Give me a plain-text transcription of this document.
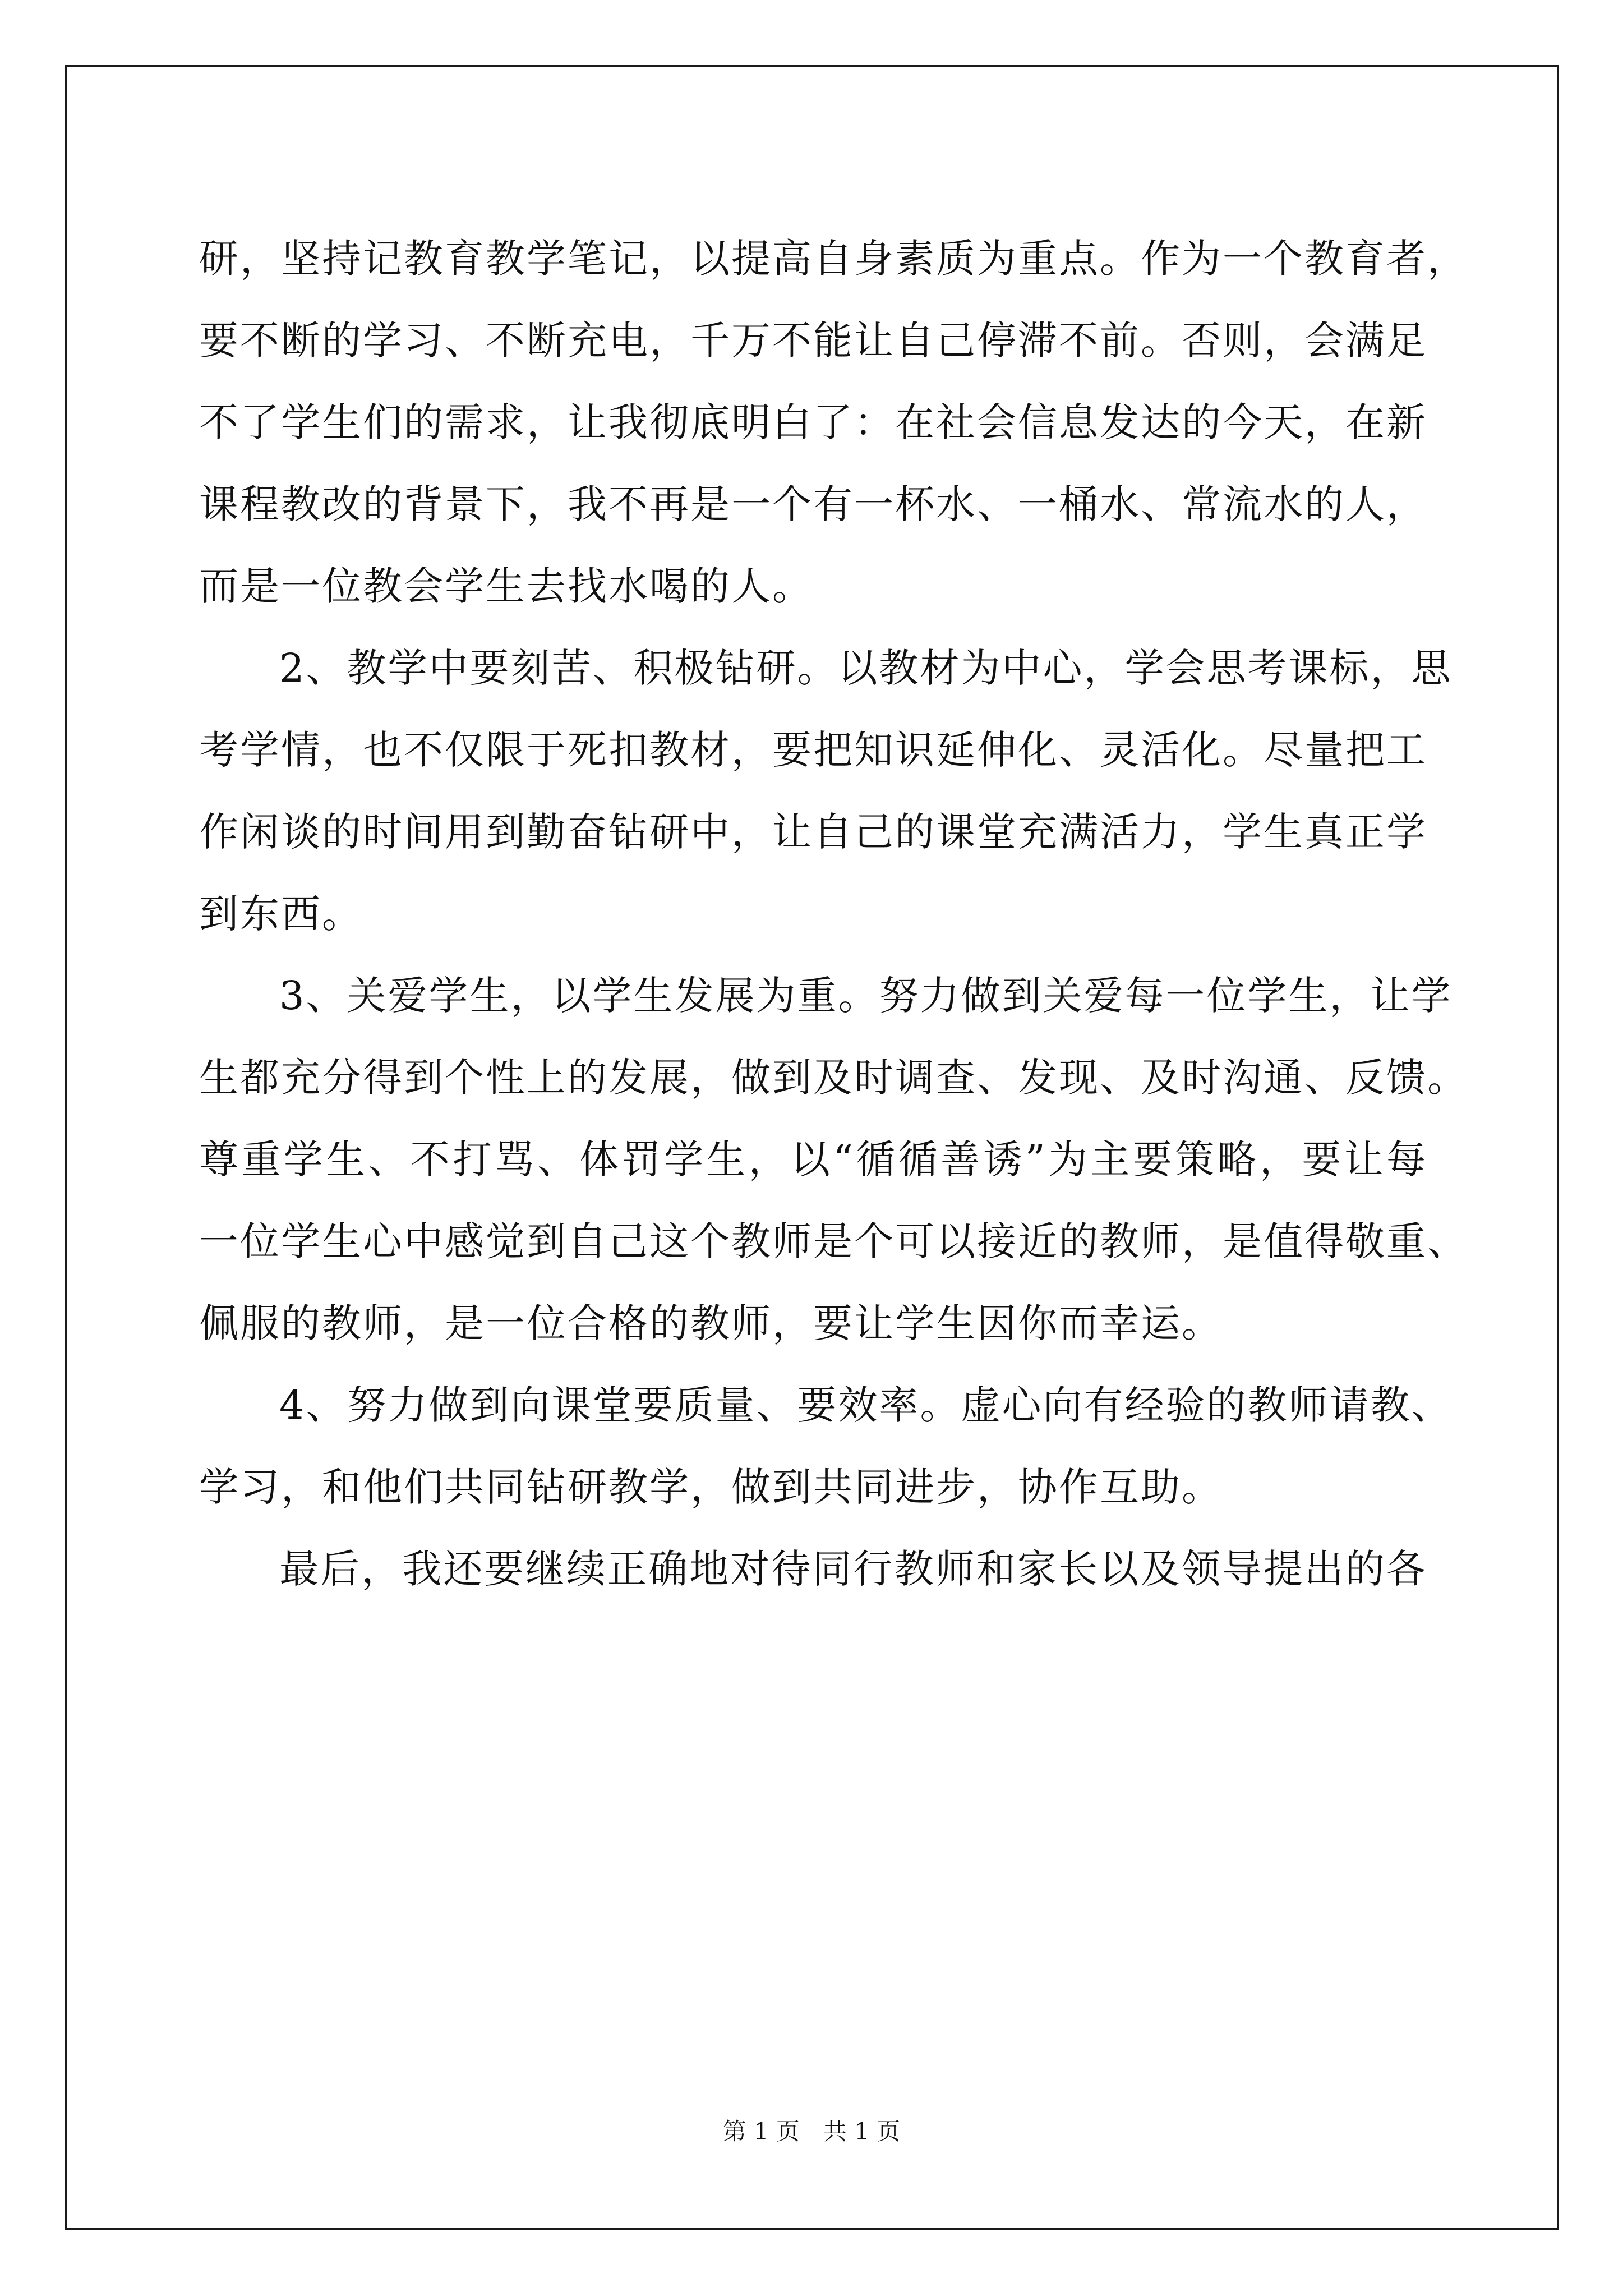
研，坚持记教育教学笔记，以提高自身素质为重点。作为一个教育者，
要不断的学习、不断充电，千万不能让自己停滞不前。否则，会满足
不了学生们的需求，让我彻底明白了：在社会信息发达的今天，在新
课程教改的背景下，我不再是一个有一杯水、一桶水、常流水的人，
而是一位教会学生去找水喝的人。
2、教学中要刻苦、积极钻研。以教材为中心，学会思考课标，思
考学情，也不仅限于死扣教材，要把知识延伸化、灵活化。尽量把工
作闲谈的时间用到勤奋钻研中，让自己的课堂充满活力，学生真正学
到东西。
3、关爱学生，以学生发展为重。努力做到关爱每一位学生，让学
生都充分得到个性上的发展，做到及时调查、发现、及时沟通、反馈。
尊重学生、不打骂、体罚学生，以“循循善诱”为主要策略，要让每
一位学生心中感觉到自己这个教师是个可以接近的教师，是值得敬重、
佩服的教师，是一位合格的教师，要让学生因你而幸运。
4、努力做到向课堂要质量、要效率。虚心向有经验的教师请教、
学习，和他们共同钻研教学，做到共同进步，协作互助。
最后，我还要继续正确地对待同行教师和家长以及领导提出的各
第 1 页　共 1 页
